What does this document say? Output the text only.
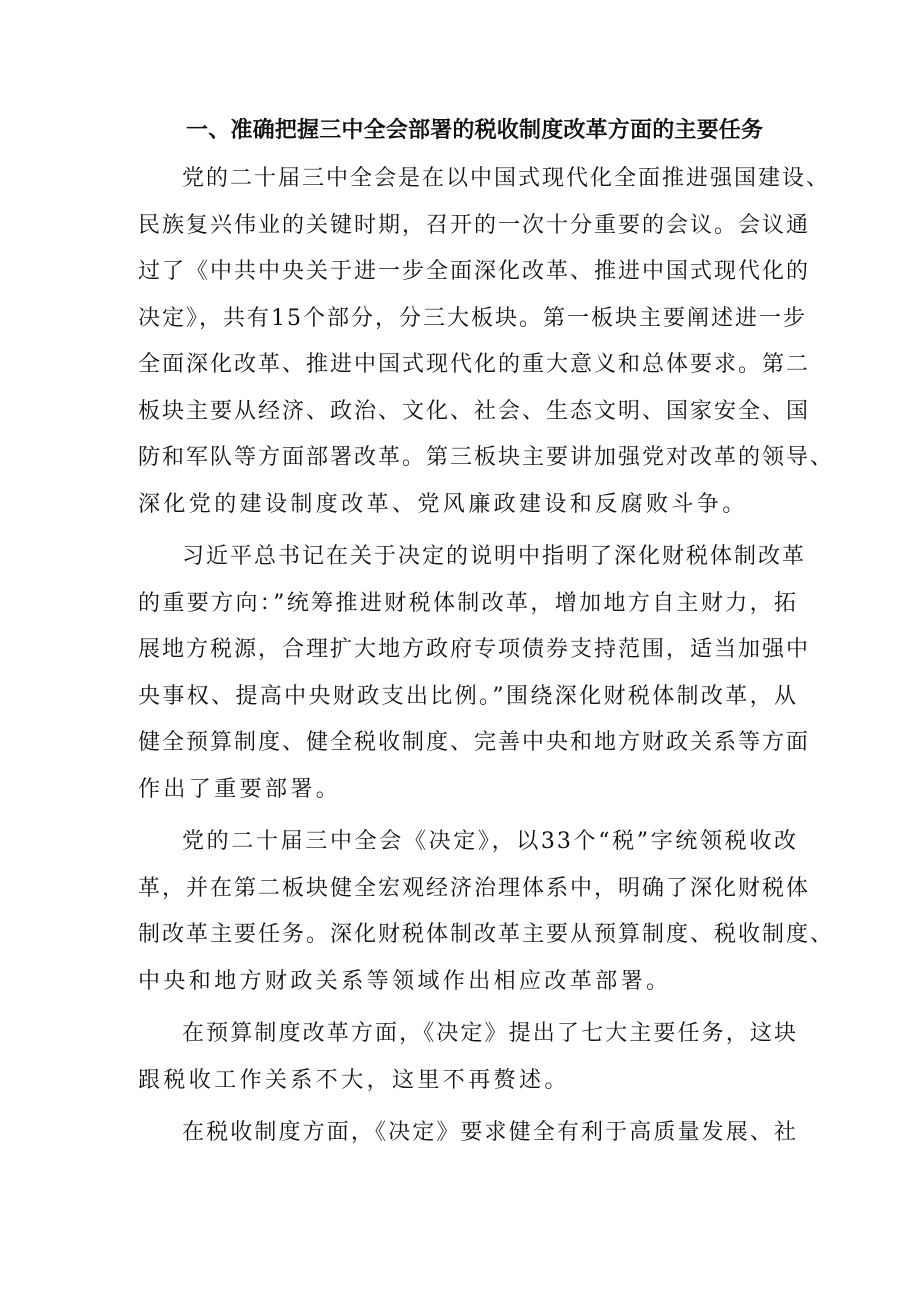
一、准确把握三中全会部署的税收制度改革方面的主要任务
党的二十届三中全会是在以中国式现代化全面推进强国建设、
民族复兴伟业的关键时期，召开的一次十分重要的会议。会议通
过了《中共中央关于进一步全面深化改革、推进中国式现代化的
决定》，共有15个部分，分三大板块。第一板块主要阐述进一步
全面深化改革、推进中国式现代化的重大意义和总体要求。第二
板块主要从经济、政治、文化、社会、生态文明、国家安全、国
防和军队等方面部署改革。第三板块主要讲加强党对改革的领导、
深化党的建设制度改革、党风廉政建设和反腐败斗争。
习近平总书记在关于决定的说明中指明了深化财税体制改革
的重要方向：”统筹推进财税体制改革，增加地方自主财力，拓
展地方税源，合理扩大地方政府专项债券支持范围，适当加强中
央事权、提高中央财政支出比例。”围绕深化财税体制改革，从
健全预算制度、健全税收制度、完善中央和地方财政关系等方面
作出了重要部署。
党的二十届三中全会《决定》，以33个“税”字统领税收改
革，并在第二板块健全宏观经济治理体系中，明确了深化财税体
制改革主要任务。深化财税体制改革主要从预算制度、税收制度、
中央和地方财政关系等领域作出相应改革部署。
在预算制度改革方面，《决定》提出了七大主要任务，这块
跟税收工作关系不大，这里不再赘述。
在税收制度方面，《决定》要求健全有利于高质量发展、社
